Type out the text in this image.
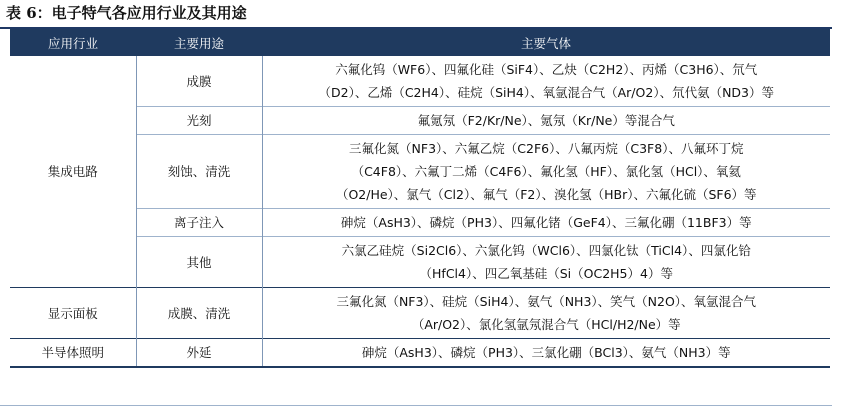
表 6：电子特气各应用行业及其用途
应用行业	主要用途	主要气体
集成电路	成膜	六氟化钨（WF6）、四氟化硅（SiF4）、乙炔（C2H2）、丙烯（C3H6）、氘气
（D2）、乙烯（C2H4）、硅烷（SiH4）、氧氩混合气（Ar/O2）、氘代氨（ND3）等

	光刻	氟氪氖（F2/Kr/Ne）、氪氖（Kr/Ne）等混合气

	刻蚀、清洗	三氟化氮（NF3）、六氟乙烷（C2F6）、八氟丙烷（C3F8）、八氟环丁烷
（C4F8）、六氟丁二烯（C4F6）、氟化氢（HF）、氯化氢（HCl）、氧氦
（O2/He）、氯气（Cl2）、氟气（F2）、溴化氢（HBr）、六氟化硫（SF6）等

	离子注入	砷烷（AsH3）、磷烷（PH3）、四氟化锗（GeF4）、三氟化硼（11BF3）等

	其他	六氯乙硅烷（Si2Cl6）、六氯化钨（WCl6）、四氯化钛（TiCl4）、四氯化铪
（HfCl4）、四乙氧基硅（Si（OC2H5）4）等

显示面板	成膜、清洗	三氟化氮（NF3）、硅烷（SiH4）、氨气（NH3）、笑气（N2O）、氧氩混合气
（Ar/O2）、氯化氢氩氖混合气（HCl/H2/Ne）等

半导体照明	外延	砷烷（AsH3）、磷烷（PH3）、三氯化硼（BCl3）、氨气（NH3）等
